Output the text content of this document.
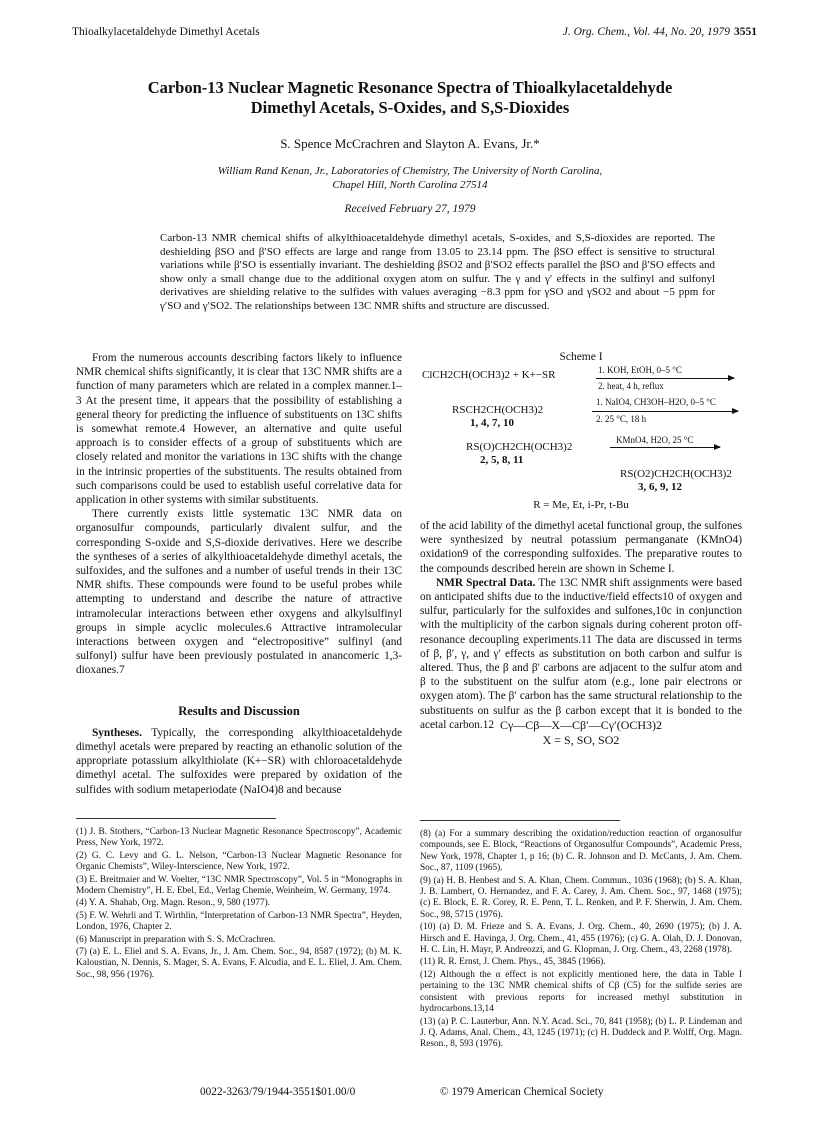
Thioalkylacetaldehyde Dimethyl Acetals	J. Org. Chem., Vol. 44, No. 20, 1979 3551
Carbon-13 Nuclear Magnetic Resonance Spectra of Thioalkylacetaldehyde
Dimethyl Acetals, S-Oxides, and S,S-Dioxides
S. Spence McCrachren and Slayton A. Evans, Jr.*
William Rand Kenan, Jr., Laboratories of Chemistry, The University of North Carolina,
Chapel Hill, North Carolina 27514
Received February 27, 1979
Carbon-13 NMR chemical shifts of alkylthioacetaldehyde dimethyl acetals, S-oxides, and S,S-dioxides are reported. The deshielding βSO and β′SO effects are large and range from 13.05 to 23.14 ppm. The βSO effect is sensitive to structural variations while β′SO is essentially invariant. The deshielding βSO2 and β′SO2 effects parallel the βSO and β′SO effects and show only a small change due to the additional oxygen atom on sulfur. The γ and γ′ effects in the sulfinyl and sulfonyl derivatives are shielding relative to the sulfides with values averaging −8.3 ppm for γSO and γSO2 and about −5 ppm for γ′SO and γ′SO2. The relationships between 13C NMR shifts and structure are discussed.

From the numerous accounts describing factors likely to influence NMR chemical shifts significantly, it is clear that 13C NMR shifts are a function of many parameters which are related in a complex manner.1–3 At the present time, it appears that the possibility of establishing a general theory for predicting the influence of substituents on 13C shifts is somewhat remote.4 However, an alternative and quite useful approach is to consider effects of a group of substituents which are closely related and monitor the variations in 13C shifts with the change in the intrinsic properties of the substituents. The results obtained from such comparisons could be used to establish useful correlative data for application in other systems with similar substituents.

There currently exists little systematic 13C NMR data on organosulfur compounds, particularly divalent sulfur, and the corresponding S-oxide and S,S-dioxide derivatives. Here we describe the syntheses of a series of alkylthioacetaldehyde dimethyl acetals, the sulfoxides, and the sulfones and a number of useful trends in their 13C NMR shifts. These compounds were found to be useful probes while attempting to understand and describe the nature of attractive intramolecular interactions between ether oxygens and alkylsulfinyl groups in simple acyclic molecules.6 Attractive intramolecular interactions between oxygen and “electropositive” sulfinyl (and sulfonyl) sulfur have been previously postulated in anancomeric 1,3-dioxanes.7

Results and Discussion

Syntheses. Typically, the corresponding alkylthioacetaldehyde dimethyl acetals were prepared by reacting an ethanolic solution of the appropriate potassium alkylthiolate (K+−SR) with chloroacetaldehyde dimethyl acetal. The sulfoxides were prepared by oxidation of the sulfides with sodium metaperiodate (NaIO4)8 and because

(1) J. B. Stothers, “Carbon-13 Nuclear Magnetic Resonance Spectroscopy”, Academic Press, New York, 1972.
(2) G. C. Levy and G. L. Nelson, “Carbon-13 Nuclear Magnetic Resonance for Organic Chemists”, Wiley-Interscience, New York, 1972.
(3) E. Breitmaier and W. Voelter, “13C NMR Spectroscopy”, Vol. 5 in “Monographs in Modern Chemistry”, H. E. Ebel, Ed., Verlag Chemie, Weinheim, W. Germany, 1974.
(4) Y. A. Shahab, Org. Magn. Reson., 9, 580 (1977).
(5) F. W. Wehrli and T. Wirthlin, “Interpretation of Carbon-13 NMR Spectra”, Heyden, London, 1976, Chapter 2.
(6) Manuscript in preparation with S. S. McCrachren.
(7) (a) E. L. Eliel and S. A. Evans, Jr., J. Am. Chem. Soc., 94, 8587 (1972); (b) M. K. Kaloustian, N. Dennis, S. Mager, S. A. Evans, F. Alcudia, and E. L. Eliel, J. Am. Chem. Soc., 98, 956 (1976).
Scheme I
ClCH2CH(OCH3)2 + K+−SR	1. KOH, EtOH, 0–5 °C
2. heat, 4 h, reflux
RSCH2CH(OCH3)2
1, 4, 7, 10
1. NaIO4, CH3OH–H2O, 0–5 °C
2. 25 °C, 18 h
RS(O)CH2CH(OCH3)2
2, 5, 8, 11
KMnO4, H2O, 25 °C
RS(O2)CH2CH(OCH3)2
3, 6, 9, 12
R = Me, Et, i-Pr, t-Bu

of the acid lability of the dimethyl acetal functional group, the sulfones were synthesized by neutral potassium permanganate (KMnO4) oxidation9 of the corresponding sulfoxides. The preparative routes to the compounds described herein are shown in Scheme I.

NMR Spectral Data. The 13C NMR shift assignments were based on anticipated shifts due to the inductive/field effects10 of oxygen and sulfur, particularly for the sulfoxides and sulfones,10c in conjunction with the multiplicity of the carbon signals during coherent proton off-resonance decoupling experiments.11 The data are discussed in terms of β, β′, γ, and γ′ effects as substitution on both carbon and sulfur is altered. Thus, the β and β′ carbons are adjacent to the sulfur atom and β to the substituent on the sulfur atom (e.g., lone pair electrons or oxygen atom). The β′ carbon has the same structural relationship to the substituents on sulfur as the β carbon except that it is bonded to the acetal carbon.12 Cγ—Cβ—X—Cβ′—Cγ′(OCH3)2
X = S, SO, SO2
(8) (a) For a summary describing the oxidation/reduction reaction of organosulfur compounds, see E. Block, “Reactions of Organosulfur Compounds”, Academic Press, New York, 1978, Chapter 1, p 16; (b) C. R. Johnson and D. McCants, J. Am. Chem. Soc., 87, 1109 (1965).
(9) (a) H. B. Henbest and S. A. Khan, Chem. Commun., 1036 (1968); (b) S. A. Khan, J. B. Lambert, O. Hernandez, and F. A. Carey, J. Am. Chem. Soc., 97, 1468 (1975); (c) E. Block, E. R. Corey, R. E. Penn, T. L. Renken, and P. F. Sherwin, J. Am. Chem. Soc., 98, 5715 (1976).
(10) (a) D. M. Frieze and S. A. Evans, J. Org. Chem., 40, 2690 (1975); (b) J. A. Hirsch and E. Havinga, J. Org. Chem., 41, 455 (1976); (c) G. A. Olah, D. J. Donovan, H. C. Lin, H. Mayr, P. Andreozzi, and G. Klopman, J. Org. Chem., 43, 2268 (1978).
(11) R. R. Ernst, J. Chem. Phys., 45, 3845 (1966).
(12) Although the α effect is not explicitly mentioned here, the data in Table I pertaining to the 13C NMR chemical shifts of Cβ (C5) for the sulfide series are consistent with previous reports for increased methyl substitution in hydrocarbons.13,14
(13) (a) P. C. Lauterbur, Ann. N.Y. Acad. Sci., 70, 841 (1958); (b) L. P. Lindeman and J. Q. Adams, Anal. Chem., 43, 1245 (1971); (c) H. Duddeck and P. Wolff, Org. Magn. Reson., 8, 593 (1976).
0022-3263/79/1944-3551$01.00/0	© 1979 American Chemical Society
